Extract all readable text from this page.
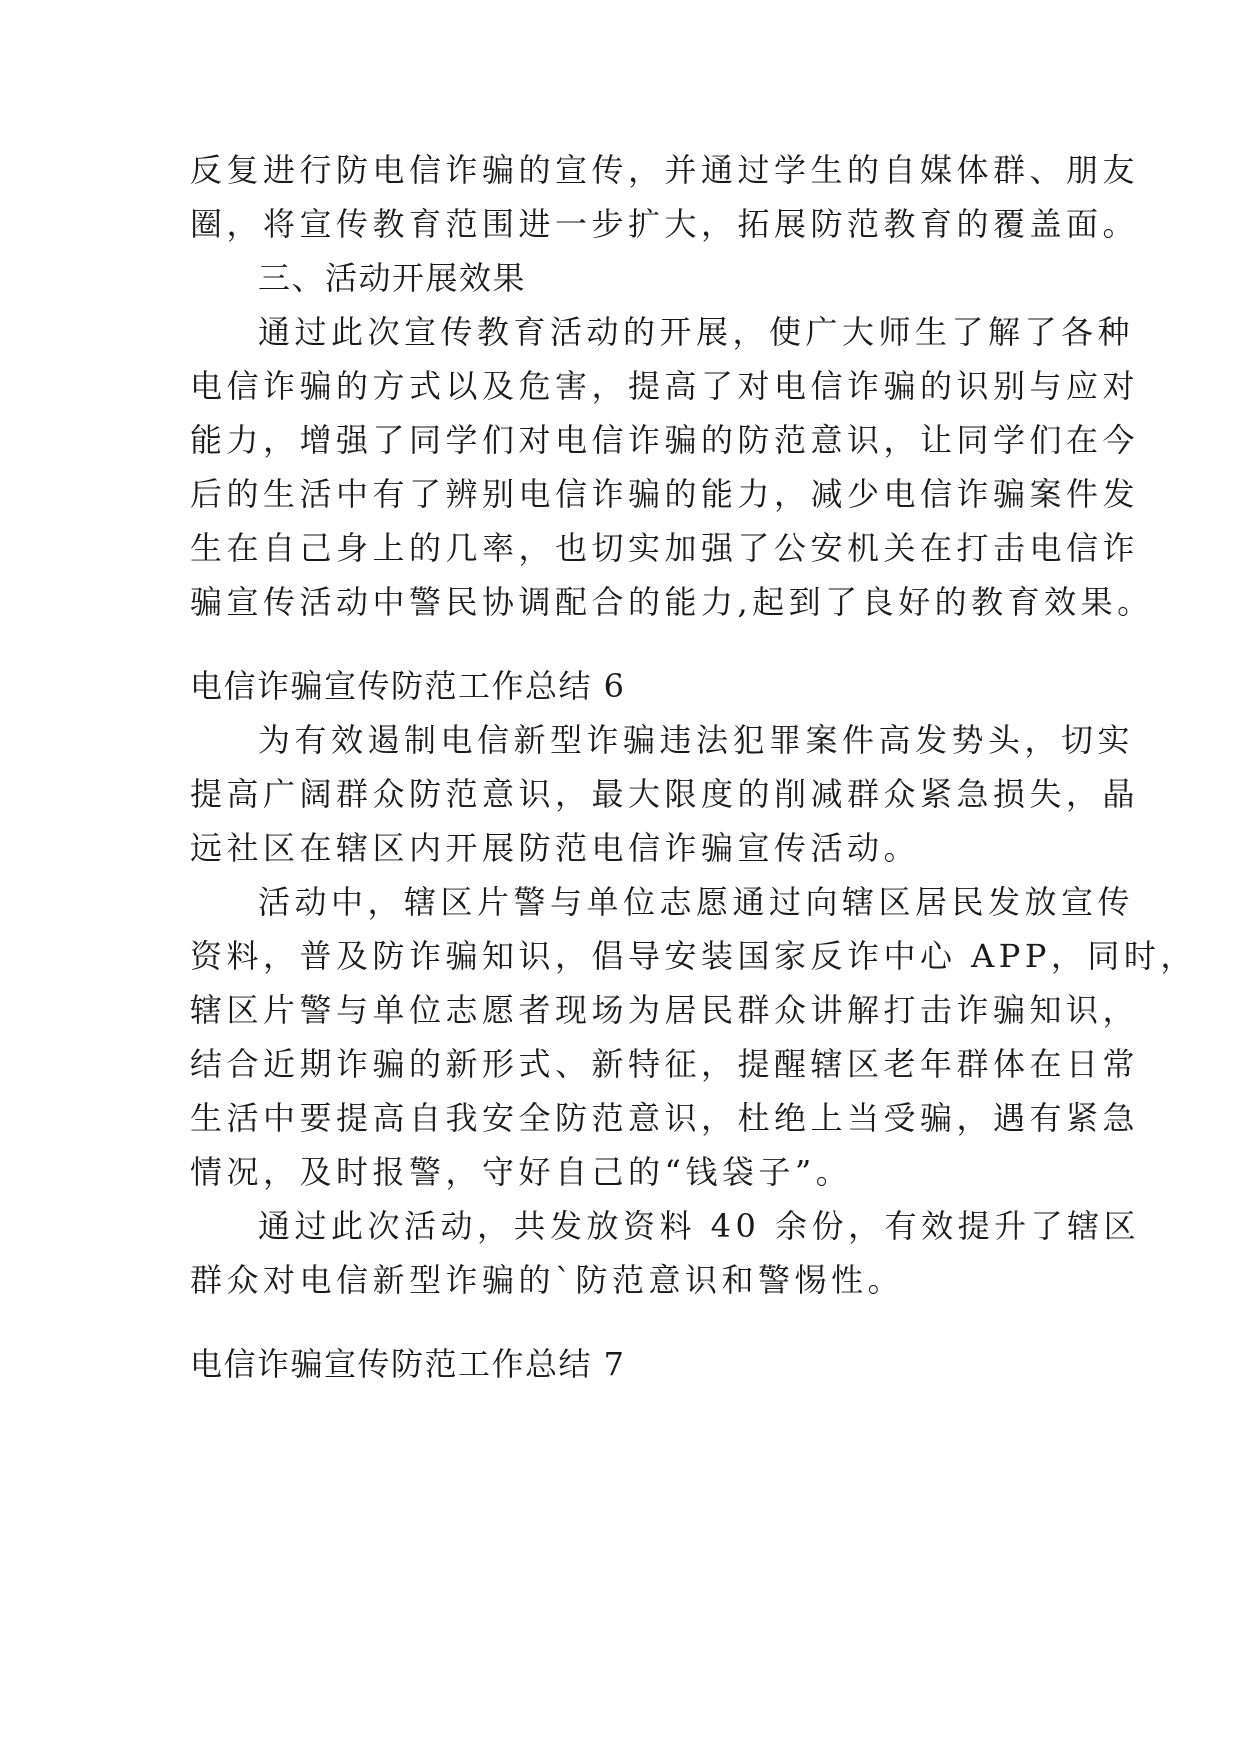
反复进行防电信诈骗的宣传，并通过学生的自媒体群、朋友
圈，将宣传教育范围进一步扩大，拓展防范教育的覆盖面。
三、活动开展效果
通过此次宣传教育活动的开展，使广大师生了解了各种
电信诈骗的方式以及危害，提高了对电信诈骗的识别与应对
能力，增强了同学们对电信诈骗的防范意识，让同学们在今
后的生活中有了辨别电信诈骗的能力，减少电信诈骗案件发
生在自己身上的几率，也切实加强了公安机关在打击电信诈
骗宣传活动中警民协调配合的能力,起到了良好的教育效果。
电信诈骗宣传防范工作总结 6
为有效遏制电信新型诈骗违法犯罪案件高发势头，切实
提高广阔群众防范意识，最大限度的削减群众紧急损失，晶
远社区在辖区内开展防范电信诈骗宣传活动。
活动中，辖区片警与单位志愿通过向辖区居民发放宣传
资料，普及防诈骗知识，倡导安装国家反诈中心 APP，同时，
辖区片警与单位志愿者现场为居民群众讲解打击诈骗知识，
结合近期诈骗的新形式、新特征，提醒辖区老年群体在日常
生活中要提高自我安全防范意识，杜绝上当受骗，遇有紧急
情况，及时报警，守好自己的“钱袋子”。
通过此次活动，共发放资料 40 余份，有效提升了辖区
群众对电信新型诈骗的`防范意识和警惕性。
电信诈骗宣传防范工作总结 7
